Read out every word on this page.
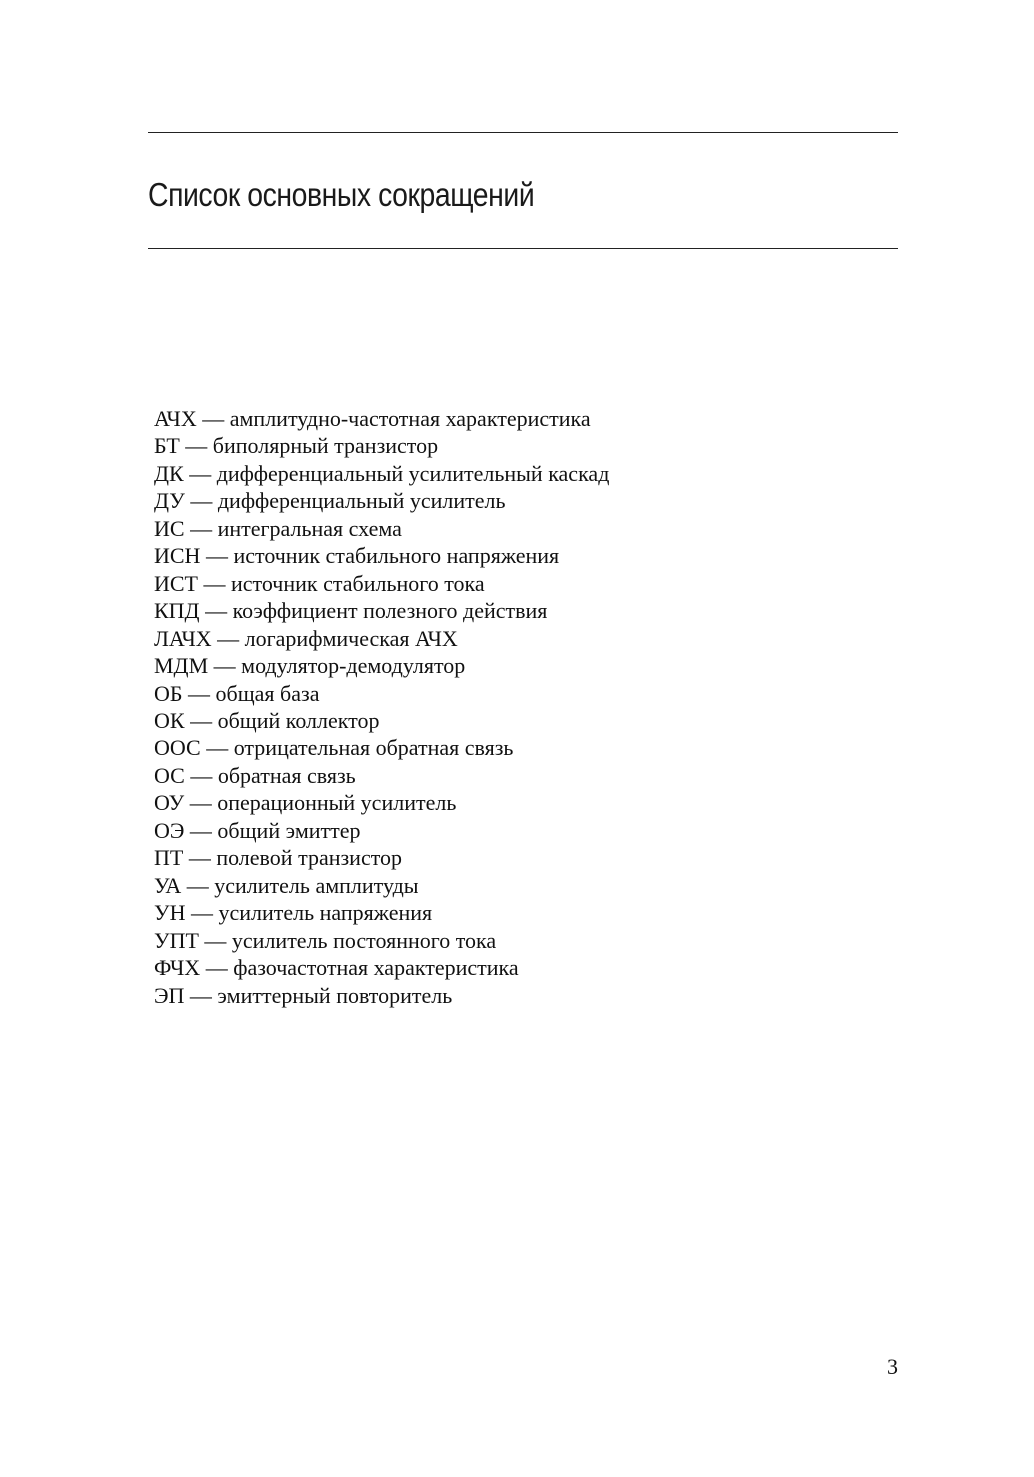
Список основных сокращений
АЧХ — амплитудно-частотная характеристика
БТ — биполярный транзистор
ДК — дифференциальный усилительный каскад
ДУ — дифференциальный усилитель
ИС — интегральная схема
ИСН — источник стабильного напряжения
ИСТ — источник стабильного тока
КПД — коэффициент полезного действия
ЛАЧХ — логарифмическая АЧХ
МДМ — модулятор-демодулятор
ОБ — общая база
ОК — общий коллектор
ООС — отрицательная обратная связь
ОС — обратная связь
ОУ — операционный усилитель
ОЭ — общий эмиттер
ПТ — полевой транзистор
УА — усилитель амплитуды
УН — усилитель напряжения
УПТ — усилитель постоянного тока
ФЧХ — фазочастотная характеристика
ЭП — эмиттерный повторитель
3
